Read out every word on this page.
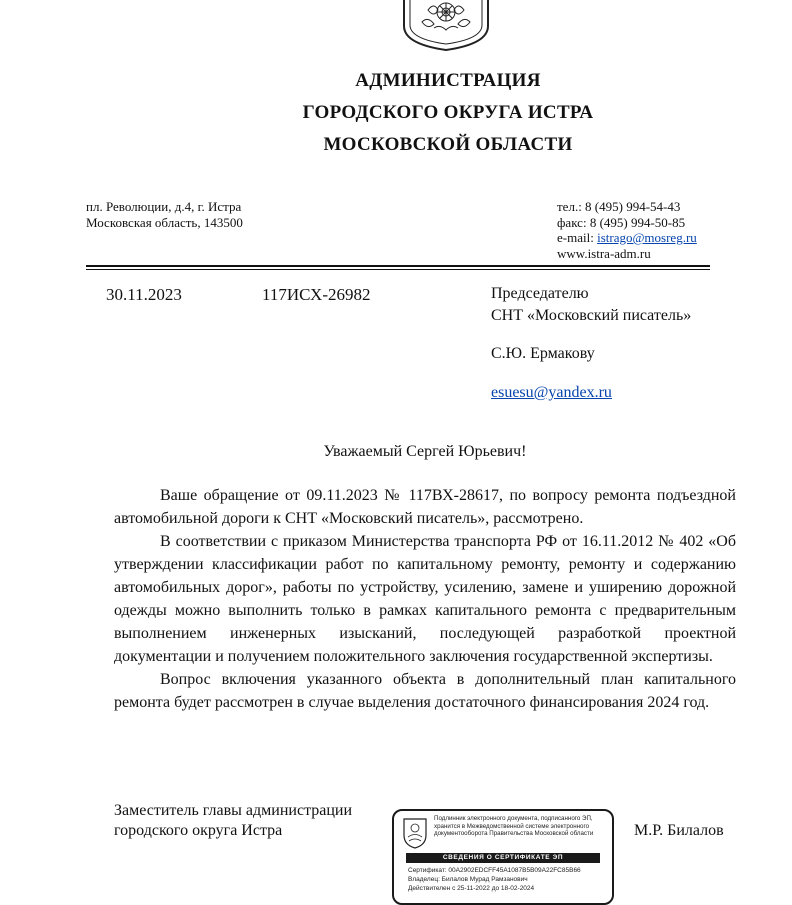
АДМИНИСТРАЦИЯ
ГОРОДСКОГО ОКРУГА ИСТРА
МОСКОВСКОЙ ОБЛАСТИ
пл. Революции, д.4, г. Истра
Московская область, 143500
тел.: 8 (495) 994-54-43
факс: 8 (495) 994-50-85
e-mail: istrago@mosreg.ru
www.istra-adm.ru
30.11.2023	117ИСХ-26982	Председателю
СНТ «Московский писатель»
С.Ю. Ермакову
esuesu@yandex.ru
Уважаемый Сергей Юрьевич!

Ваше обращение от 09.11.2023 № 117ВХ-28617, по вопросу ремонта подъездной автомобильной дороги к СНТ «Московский писатель», рассмотрено.

В соответствии с приказом Министерства транспорта РФ от 16.11.2012 № 402 «Об утверждении классификации работ по капитальному ремонту, ремонту и содержанию автомобильных дорог», работы по устройству, усилению, замене и уширению дорожной одежды можно выполнить только в рамках капитального ремонта с предварительным выполнением инженерных изысканий, последующей разработкой проектной документации и получением положительного заключения государственной экспертизы.

Вопрос включения указанного объекта в дополнительный план капитального ремонта будет рассмотрен в случае выделения достаточного финансирования 2024 год.

Заместитель главы администрации
городского округа Истра	М.Р. Билалов
Подлинник электронного документа, подписанного ЭП, хранится в Межведомственной системе электронного документооборота Правительства Московской области
СВЕДЕНИЯ О СЕРТИФИКАТЕ ЭП
Сертификат: 00A2902EDCFF45A1087B5B09A22FC85B66
Владелец: Билалов Мурад Рамзанович
Действителен с 25-11-2022 до 18-02-2024
